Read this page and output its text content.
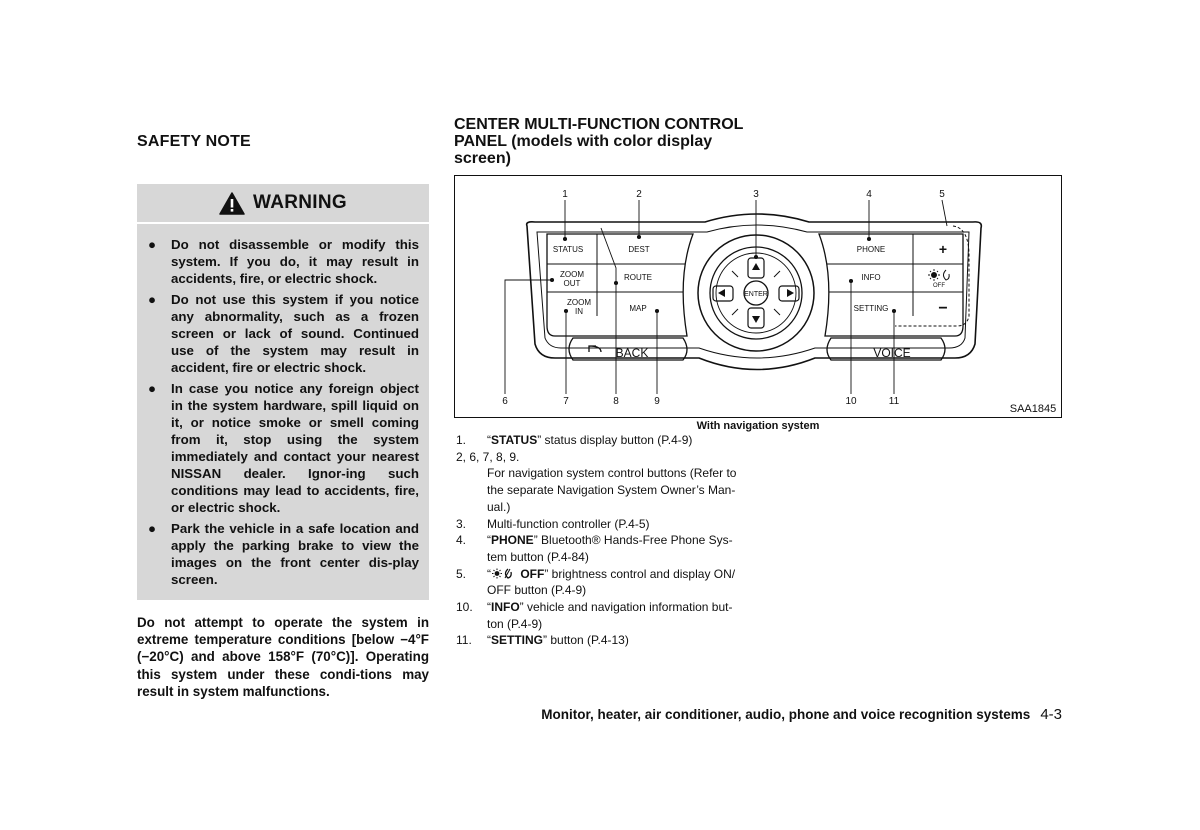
SAFETY NOTE
WARNING
● Do not disassemble or modify this system. If you do, it may result in accidents, fire, or electric shock.
● Do not use this system if you notice any abnormality, such as a frozen screen or lack of sound. Continued use of the system may result in accident, fire or electric shock.
● In case you notice any foreign object in the system hardware, spill liquid on it, or notice smoke or smell coming from it, stop using the system immediately and contact your nearest NISSAN dealer. Ignor-ing such conditions may lead to accidents, fire, or electric shock.
● Park the vehicle in a safe location and apply the parking brake to view the images on the front center dis-play screen.
Do not attempt to operate the system in extreme temperature conditions [below −4°F (−20°C) and above 158°F (70°C)]. Operating this system under these condi-tions may result in system malfunctions.
CENTER MULTI-FUNCTION CONTROL PANEL (models with color display screen)
1	2	3	4	5
6	7	8	9	10	11
SAA1845
STATUS	DEST
ZOOM
OUT
ROUTE
ZOOM
IN	MAP
BACK
ENTER
PHONE	+
INFO
OFF
SETTING	−
VOICE
With navigation system
1. “STATUS” status display button (P.4-9)
2, 6, 7, 8, 9.
For navigation system control buttons (Refer to the separate Navigation System Owner’s Man-ual.)
3. Multi-function controller (P.4-5)
4. “PHONE” Bluetooth® Hands-Free Phone Sys-tem button (P.4-84)
5. “ OFF” brightness control and display ON/ OFF button (P.4-9)
10. “INFO” vehicle and navigation information but-ton (P.4-9)
11. “SETTING” button (P.4-13)
Monitor, heater, air conditioner, audio, phone and voice recognition systems 4-3
